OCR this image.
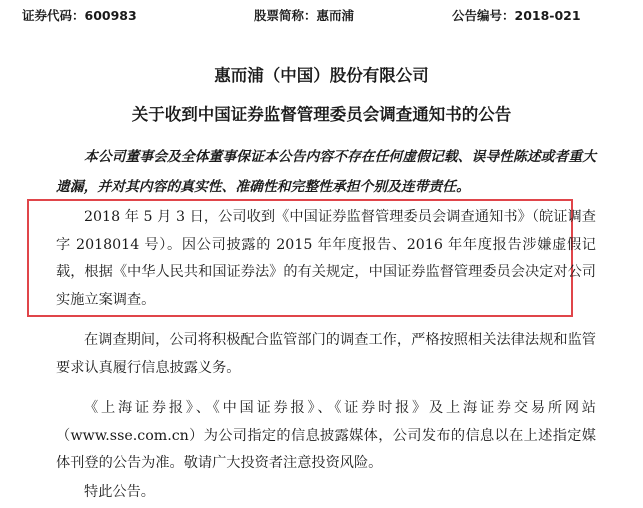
证券代码：600983	股票简称：惠而浦	公告编号：2018-021
惠而浦（中国）股份有限公司
关于收到中国证券监督管理委员会调查通知书的公告

本公司董事会及全体董事保证本公告内容不存在任何虚假记载、误导性陈述或者重大遗漏，并对其内容的真实性、准确性和完整性承担个别及连带责任。

2018 年 5 月 3 日，公司收到《中国证券监督管理委员会调查通知书》（皖证调查字 2018014 号）。因公司披露的 2015 年年度报告、2016 年年度报告涉嫌虚假记载，根据《中华人民共和国证券法》的有关规定，中国证券监督管理委员会决定对公司实施立案调查。

在调查期间，公司将积极配合监管部门的调查工作，严格按照相关法律法规和监管要求认真履行信息披露义务。

《上海证券报》、《中国证券报》、《证券时报》及上海证券交易所网站（www.sse.com.cn）为公司指定的信息披露媒体，公司发布的信息以在上述指定媒体刊登的公告为准。敬请广大投资者注意投资风险。

特此公告。
